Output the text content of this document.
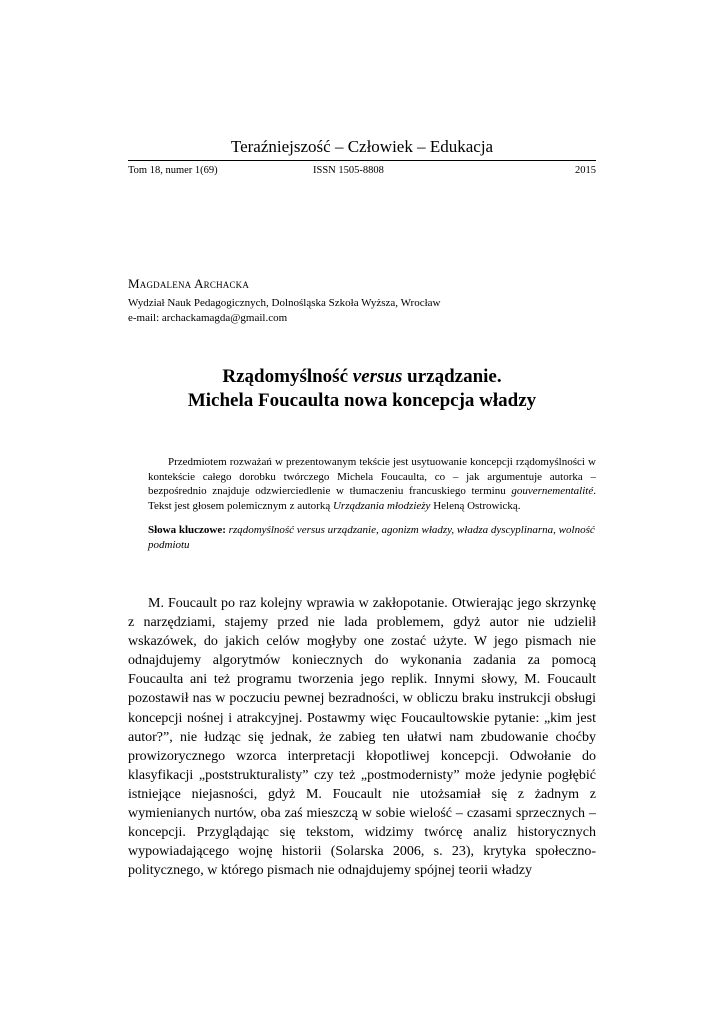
Teraźniejszość – Człowiek – Edukacja
Tom 18, numer 1(69)	ISSN 1505-8808	2015
Magdalena Archacka
Wydział Nauk Pedagogicznych, Dolnośląska Szkoła Wyższa, Wrocław
e-mail: archackamagda@gmail.com
Rządomyślność versus urządzanie.
Michela Foucaulta nowa koncepcja władzy

Przedmiotem rozważań w prezentowanym tekście jest usytuowanie koncepcji rządomyślności w kontekście całego dorobku twórczego Michela Foucaulta, co – jak argumentuje autorka – bezpośrednio znajduje odzwierciedlenie w tłumaczeniu francuskiego terminu gouvernementalité. Tekst jest głosem polemicznym z autorką Urządzania młodzieży Heleną Ostrowicką.

Słowa kluczowe: rządomyślność versus urządzanie, agonizm władzy, władza dyscyplinarna, wolność podmiotu

M. Foucault po raz kolejny wprawia w zakłopotanie. Otwierając jego skrzynkę z narzędziami, stajemy przed nie lada problemem, gdyż autor nie udzielił wskazówek, do jakich celów mogłyby one zostać użyte. W jego pismach nie odnajdujemy algorytmów koniecznych do wykonania zadania za pomocą Foucaulta ani też programu tworzenia jego replik. Innymi słowy, M. Foucault pozostawił nas w poczuciu pewnej bezradności, w obliczu braku instrukcji obsługi koncepcji nośnej i atrakcyjnej. Postawmy więc Foucaultowskie pytanie: „kim jest autor?”, nie łudząc się jednak, że zabieg ten ułatwi nam zbudowanie choćby prowizorycznego wzorca interpretacji kłopotliwej koncepcji. Odwołanie do klasyfikacji „poststrukturalisty” czy też „postmodernisty” może jedynie pogłębić istniejące niejasności, gdyż M. Foucault nie utożsamiał się z żadnym z wymienianych nurtów, oba zaś mieszczą w sobie wielość – czasami sprzecznych – koncepcji. Przyglądając się tekstom, widzimy twórcę analiz historycznych wypowiadającego wojnę historii (Solarska 2006, s. 23), krytyka społeczno-politycznego, w którego pismach nie odnajdujemy spójnej teorii władzy
